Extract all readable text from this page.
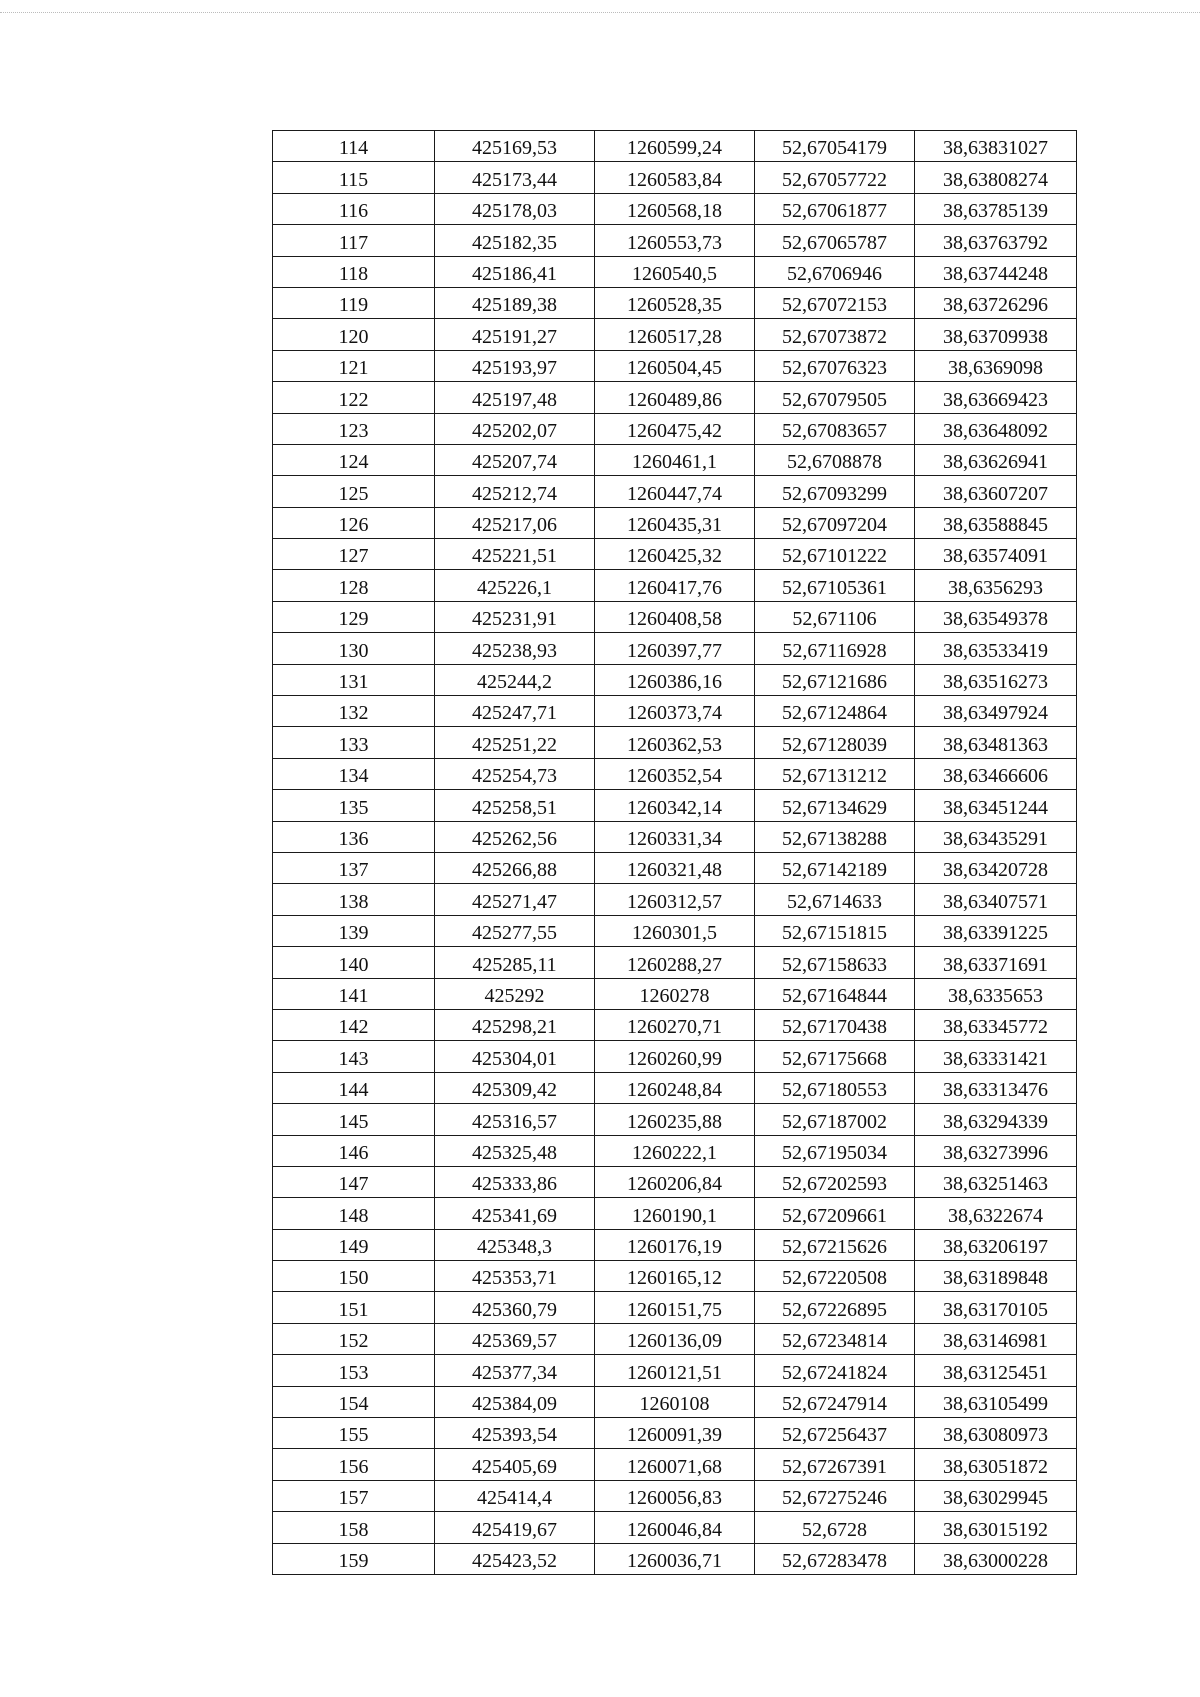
114	425169,53	1260599,24	52,67054179	38,63831027
115	425173,44	1260583,84	52,67057722	38,63808274
116	425178,03	1260568,18	52,67061877	38,63785139
117	425182,35	1260553,73	52,67065787	38,63763792
118	425186,41	1260540,5	52,6706946	38,63744248
119	425189,38	1260528,35	52,67072153	38,63726296
120	425191,27	1260517,28	52,67073872	38,63709938
121	425193,97	1260504,45	52,67076323	38,6369098
122	425197,48	1260489,86	52,67079505	38,63669423
123	425202,07	1260475,42	52,67083657	38,63648092
124	425207,74	1260461,1	52,6708878	38,63626941
125	425212,74	1260447,74	52,67093299	38,63607207
126	425217,06	1260435,31	52,67097204	38,63588845
127	425221,51	1260425,32	52,67101222	38,63574091
128	425226,1	1260417,76	52,67105361	38,6356293
129	425231,91	1260408,58	52,671106	38,63549378
130	425238,93	1260397,77	52,67116928	38,63533419
131	425244,2	1260386,16	52,67121686	38,63516273
132	425247,71	1260373,74	52,67124864	38,63497924
133	425251,22	1260362,53	52,67128039	38,63481363
134	425254,73	1260352,54	52,67131212	38,63466606
135	425258,51	1260342,14	52,67134629	38,63451244
136	425262,56	1260331,34	52,67138288	38,63435291
137	425266,88	1260321,48	52,67142189	38,63420728
138	425271,47	1260312,57	52,6714633	38,63407571
139	425277,55	1260301,5	52,67151815	38,63391225
140	425285,11	1260288,27	52,67158633	38,63371691
141	425292	1260278	52,67164844	38,6335653
142	425298,21	1260270,71	52,67170438	38,63345772
143	425304,01	1260260,99	52,67175668	38,63331421
144	425309,42	1260248,84	52,67180553	38,63313476
145	425316,57	1260235,88	52,67187002	38,63294339
146	425325,48	1260222,1	52,67195034	38,63273996
147	425333,86	1260206,84	52,67202593	38,63251463
148	425341,69	1260190,1	52,67209661	38,6322674
149	425348,3	1260176,19	52,67215626	38,63206197
150	425353,71	1260165,12	52,67220508	38,63189848
151	425360,79	1260151,75	52,67226895	38,63170105
152	425369,57	1260136,09	52,67234814	38,63146981
153	425377,34	1260121,51	52,67241824	38,63125451
154	425384,09	1260108	52,67247914	38,63105499
155	425393,54	1260091,39	52,67256437	38,63080973
156	425405,69	1260071,68	52,67267391	38,63051872
157	425414,4	1260056,83	52,67275246	38,63029945
158	425419,67	1260046,84	52,6728	38,63015192
159	425423,52	1260036,71	52,67283478	38,63000228
